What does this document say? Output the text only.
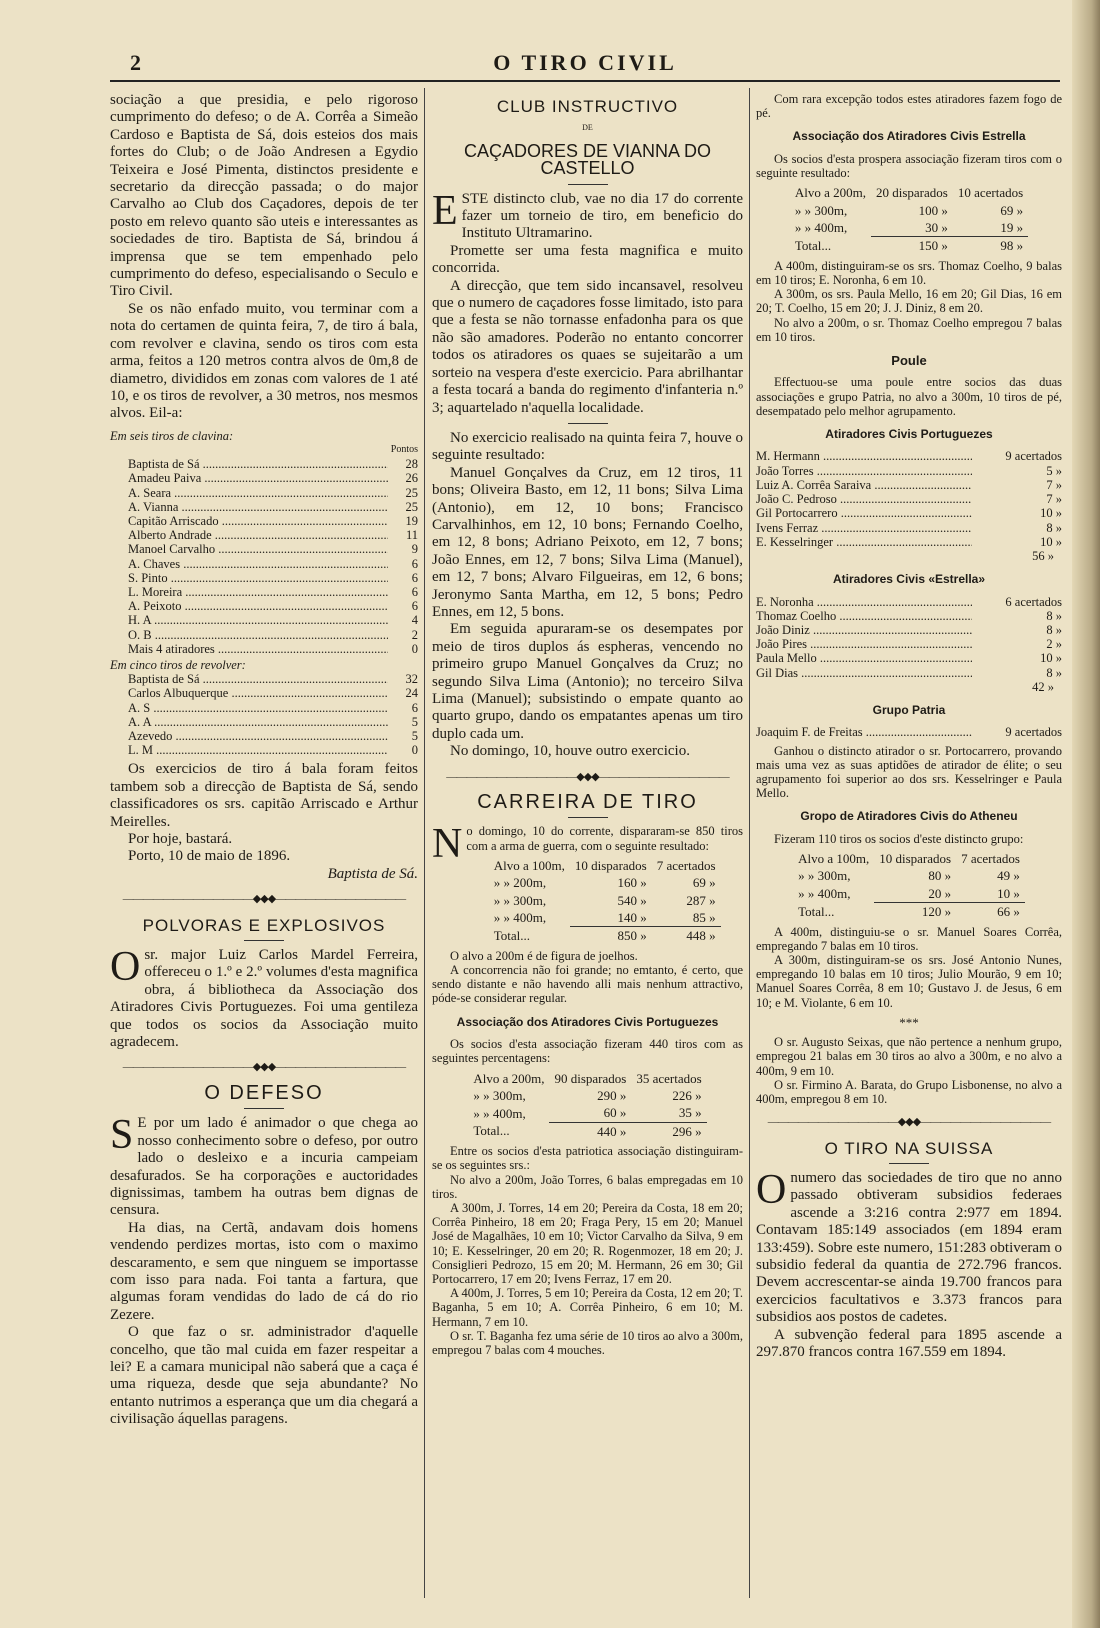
2	O TIRO CIVIL

sociação a que presidia, e pelo rigoroso cumprimento do defeso; o de A. Corrêa a Simeão Cardoso e Baptista de Sá, dois esteios dos mais fortes do Club; o de João Andresen a Egydio Teixeira e José Pimenta, distinctos presidente e secretario da direcção passada; o do major Carvalho ao Club dos Caçadores, depois de ter posto em relevo quanto são uteis e interessantes as sociedades de tiro. Baptista de Sá, brindou á imprensa que se tem empenhado pelo cumprimento do defeso, especialisando o Seculo e Tiro Civil.

Se os não enfado muito, vou terminar com a nota do certamen de quinta feira, 7, de tiro á bala, com revolver e clavina, sendo os tiros com esta arma, feitos a 120 metros contra alvos de 0m,8 de diametro, divididos em zonas com valores de 1 até 10, e os tiros de revolver, a 30 metros, nos mesmos alvos. Eil-a:

Em seis tiros de clavina:

Pontos

Baptista de Sá .....	28
Amadeu Paiva .....	26
A. Seara .....	25
A. Vianna .....	25
Capitão Arriscado .....	19
Alberto Andrade .....	11
Manoel Carvalho .....	9
A. Chaves .....	6
S. Pinto .....	6
L. Moreira .....	6
A. Peixoto .....	6
H. A .....	4
O. B .....	2
Mais 4 atiradores .....	0

Em cinco tiros de revolver:

Baptista de Sá .....	32
Carlos Albuquerque .....	24
A. S .....	6
A. A .....	5
Azevedo .....	5
L. M .....	0

Os exercicios de tiro á bala foram feitos tambem sob a direcção de Baptista de Sá, sendo classificadores os srs. capitão Arriscado e Arthur Meirelles.

Por hoje, bastará.

Porto, 10 de maio de 1896.

Baptista de Sá.

—————————————◆◆◆—————————————
POLVORAS E EXPLOSIVOS

Osr. major Luiz Carlos Mardel Ferreira, offereceu o 1.º e 2.º volumes d'esta magnifica obra, á bibliotheca da Associação dos Atiradores Civis Portuguezes. Foi uma gentileza que todos os socios da Associação muito agradecem.

—————————————◆◆◆—————————————
O DEFESO

S E por um lado é animador o que chega ao nosso conhecimento sobre o defeso, por outro lado o desleixo e a incuria campeiam desafurados. Se ha corporações e auctoridades dignissimas, tambem ha outras bem dignas de censura.

Ha dias, na Certã, andavam dois homens vendendo perdizes mortas, isto com o maximo descaramento, e sem que ninguem se importasse com isso para nada. Foi tanta a fartura, que algumas foram vendidas do lado de cá do rio Zezere.

O que faz o sr. administrador d'aquelle concelho, que tão mal cuida em fazer respeitar a lei? E a camara municipal não saberá que a caça é uma riqueza, desde que seja abundante? No entanto nutrimos a esperança que um dia chegará a civilisação áquellas paragens.

CLUB INSTRUCTIVO
DE
CAÇADORES DE VIANNA DO CASTELLO

ESTE distincto club, vae no dia 17 do corrente fazer um torneio de tiro, em beneficio do Instituto Ultramarino.

Promette ser uma festa magnifica e muito concorrida.

A direcção, que tem sido incansavel, resolveu que o numero de caçadores fosse limitado, isto para que a festa se não tornasse enfadonha para os que não são amadores. Poderão no entanto concorrer todos os atiradores os quaes se sujeitarão a um sorteio na vespera d'este exercicio. Para abrilhantar a festa tocará a banda do regimento d'infanteria n.º 3; aquartelado n'aquella localidade.

No exercicio realisado na quinta feira 7, houve o seguinte resultado:

Manuel Gonçalves da Cruz, em 12 tiros, 11 bons; Oliveira Basto, em 12, 11 bons; Silva Lima (Antonio), em 12, 10 bons; Francisco Carvalhinhos, em 12, 10 bons; Fernando Coelho, em 12, 8 bons; Adriano Peixoto, em 12, 7 bons; João Ennes, em 12, 7 bons; Silva Lima (Manuel), em 12, 7 bons; Alvaro Filgueiras, em 12, 6 bons; Jeronymo Santa Martha, em 12, 5 bons; Pedro Ennes, em 12, 5 bons.

Em seguida apuraram-se os desempates por meio de tiros duplos ás espheras, vencendo no primeiro grupo Manuel Gonçalves da Cruz; no segundo Silva Lima (Antonio); no terceiro Silva Lima (Manuel); subsistindo o empate quanto ao quarto grupo, dando os empatantes apenas um tiro duplo cada um.

No domingo, 10, houve outro exercicio.

—————————————◆◆◆—————————————
CARREIRA DE TIRO

No domingo, 10 do corrente, dispararam-se 850 tiros com a arma de guerra, com o seguinte resultado:

Alvo a 100m,	10 disparados	7 acertados
» » 200m,	160 »	69 »
» » 300m,	540 »	287 »
» » 400m,	140 »	85 »
Total...	850 »	448 »

O alvo a 200m é de figura de joelhos.

A concorrencia não foi grande; no emtanto, é certo, que sendo distante e não havendo alli mais nenhum attractivo, póde-se considerar regular.

Associação dos Atiradores Civis Portuguezes

Os socios d'esta associação fizeram 440 tiros com as seguintes percentagens:

Alvo a 200m,	90 disparados	35 acertados
» » 300m,	290 »	226 »
» » 400m,	60 »	35 »
Total...	440 »	296 »

Entre os socios d'esta patriotica associação distinguiram-se os seguintes srs.:

No alvo a 200m, João Torres, 6 balas empregadas em 10 tiros.

A 300m, J. Torres, 14 em 20; Pereira da Costa, 18 em 20; Corrêa Pinheiro, 18 em 20; Fraga Pery, 15 em 20; Manuel José de Magalhães, 10 em 10; Victor Carvalho da Silva, 9 em 10; E. Kesselringer, 20 em 20; R. Rogenmozer, 18 em 20; J. Consiglieri Pedrozo, 15 em 20; M. Hermann, 26 em 30; Gil Portocarrero, 17 em 20; Ivens Ferraz, 17 em 20.

A 400m, J. Torres, 5 em 10; Pereira da Costa, 12 em 20; T. Baganha, 5 em 10; A. Corrêa Pinheiro, 6 em 10; M. Hermann, 7 em 10.

O sr. T. Baganha fez uma série de 10 tiros ao alvo a 300m, empregou 7 balas com 4 mouches.

Com rara excepção todos estes atiradores fazem fogo de pé.

Associação dos Atiradores Civis Estrella

Os socios d'esta prospera associação fizeram tiros com o seguinte resultado:

Alvo a 200m,	20 disparados	10 acertados
» » 300m,	100 »	69 »
» » 400m,	30 »	19 »
Total...	150 »	98 »

A 400m, distinguiram-se os srs. Thomaz Coelho, 9 balas em 10 tiros; E. Noronha, 6 em 10.

A 300m, os srs. Paula Mello, 16 em 20; Gil Dias, 16 em 20; T. Coelho, 15 em 20; J. J. Diniz, 8 em 20.

No alvo a 200m, o sr. Thomaz Coelho empregou 7 balas em 10 tiros.

Poule

Effectuou-se uma poule entre socios das duas associações e grupo Patria, no alvo a 300m, 10 tiros de pé, desempatado pelo melhor agrupamento.

Atiradores Civis Portuguezes
M. Hermann .....	9 acertados
João Torres .....	5 »
Luiz A. Corrêa Saraiva .....	7 »
João C. Pedroso .....	7 »
Gil Portocarrero .....	10 »
Ivens Ferraz .....	8 »
E. Kesselringer .....	10 »
56 »
Atiradores Civis «Estrella»
E. Noronha .....	6 acertados
Thomaz Coelho .....	8 »
João Diniz .....	8 »
João Pires .....	2 »
Paula Mello .....	10 »
Gil Dias .....	8 »
42 »
Grupo Patria
Joaquim F. de Freitas .....	9 acertados

Ganhou o distincto atirador o sr. Portocarrero, provando mais uma vez as suas aptidões de atirador de élite; o seu agrupamento foi superior ao dos srs. Kesselringer e Paula Mello.

Gropo de Atiradores Civis do Atheneu

Fizeram 110 tiros os socios d'este distincto grupo:

Alvo a 100m,	10 disparados	7 acertados
» » 300m,	80 »	49 »
» » 400m,	20 »	10 »
Total...	120 »	66 »

A 400m, distinguiu-se o sr. Manuel Soares Corrêa, empregando 7 balas em 10 tiros.

A 300m, distinguiram-se os srs. José Antonio Nunes, empregando 10 balas em 10 tiros; Julio Mourão, 9 em 10; Manuel Soares Corrêa, 8 em 10; Gustavo J. de Jesus, 6 em 10; e M. Violante, 6 em 10.

***

O sr. Augusto Seixas, que não pertence a nenhum grupo, empregou 21 balas em 30 tiros ao alvo a 300m, e no alvo a 400m, 9 em 10.

O sr. Firmino A. Barata, do Grupo Lisbonense, no alvo a 400m, empregou 8 em 10.

—————————————◆◆◆—————————————
O TIRO NA SUISSA

Onumero das sociedades de tiro que no anno passado obtiveram subsidios federaes ascende a 3:216 contra 2:977 em 1894. Contavam 185:149 associados (em 1894 eram 133:459). Sobre este numero, 151:283 obtiveram o subsidio federal da quantia de 272.796 francos. Devem accrescentar-se ainda 19.700 francos para exercicios facultativos e 3.373 francos para subsidios aos postos de cadetes.

A subvenção federal para 1895 ascende a 297.870 francos contra 167.559 em 1894.
